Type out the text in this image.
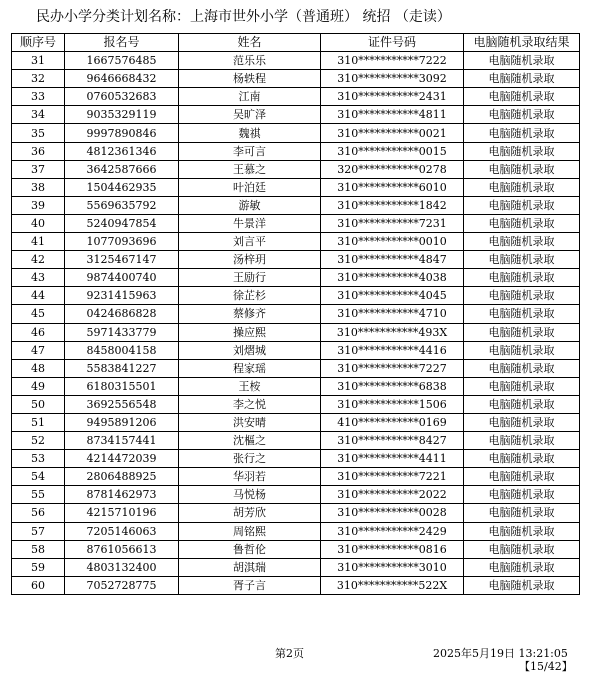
民办小学分类计划名称：上海市世外小学（普通班） 统招 （走读）
顺序号	报名号	姓名	证件号码	电脑随机录取结果
31	1667576485	范乐乐	310***********7222	电脑随机录取
32	9646668432	杨轶程	310***********3092	电脑随机录取
33	0760532683	江南	310***********2431	电脑随机录取
34	9035329119	吴旷泽	310***********4811	电脑随机录取
35	9997890846	魏祺	310***********0021	电脑随机录取
36	4812361346	李可言	310***********0015	电脑随机录取
37	3642587666	王慕之	320***********0278	电脑随机录取
38	1504462935	叶泊廷	310***********6010	电脑随机录取
39	5569635792	游敏	310***********1842	电脑随机录取
40	5240947854	牛景洋	310***********7231	电脑随机录取
41	1077093696	刘言平	310***********0010	电脑随机录取
42	3125467147	汤梓玥	310***********4847	电脑随机录取
43	9874400740	王励行	310***********4038	电脑随机录取
44	9231415963	徐芷杉	310***********4045	电脑随机录取
45	0424686828	蔡修齐	310***********4710	电脑随机录取
46	5971433779	操应熙	310***********493X	电脑随机录取
47	8458004158	刘熠城	310***********4416	电脑随机录取
48	5583841227	程家瑶	310***********7227	电脑随机录取
49	6180315501	王桉	310***********6838	电脑随机录取
50	3692556548	李之悦	310***********1506	电脑随机录取
51	9495891206	洪安晴	410***********0169	电脑随机录取
52	8734157441	沈樞之	310***********8427	电脑随机录取
53	4214472039	张行之	310***********4411	电脑随机录取
54	2806488925	华羽若	310***********7221	电脑随机录取
55	8781462973	马悦杨	310***********2022	电脑随机录取
56	4215710196	胡芳欣	310***********0028	电脑随机录取
57	7205146063	周铭熙	310***********2429	电脑随机录取
58	8761056613	鲁哲伦	310***********0816	电脑随机录取
59	4803132400	胡淇瑞	310***********3010	电脑随机录取
60	7052728775	胥子言	310***********522X	电脑随机录取
第2页	2025年5月19日 13:21:05
【15/42】
